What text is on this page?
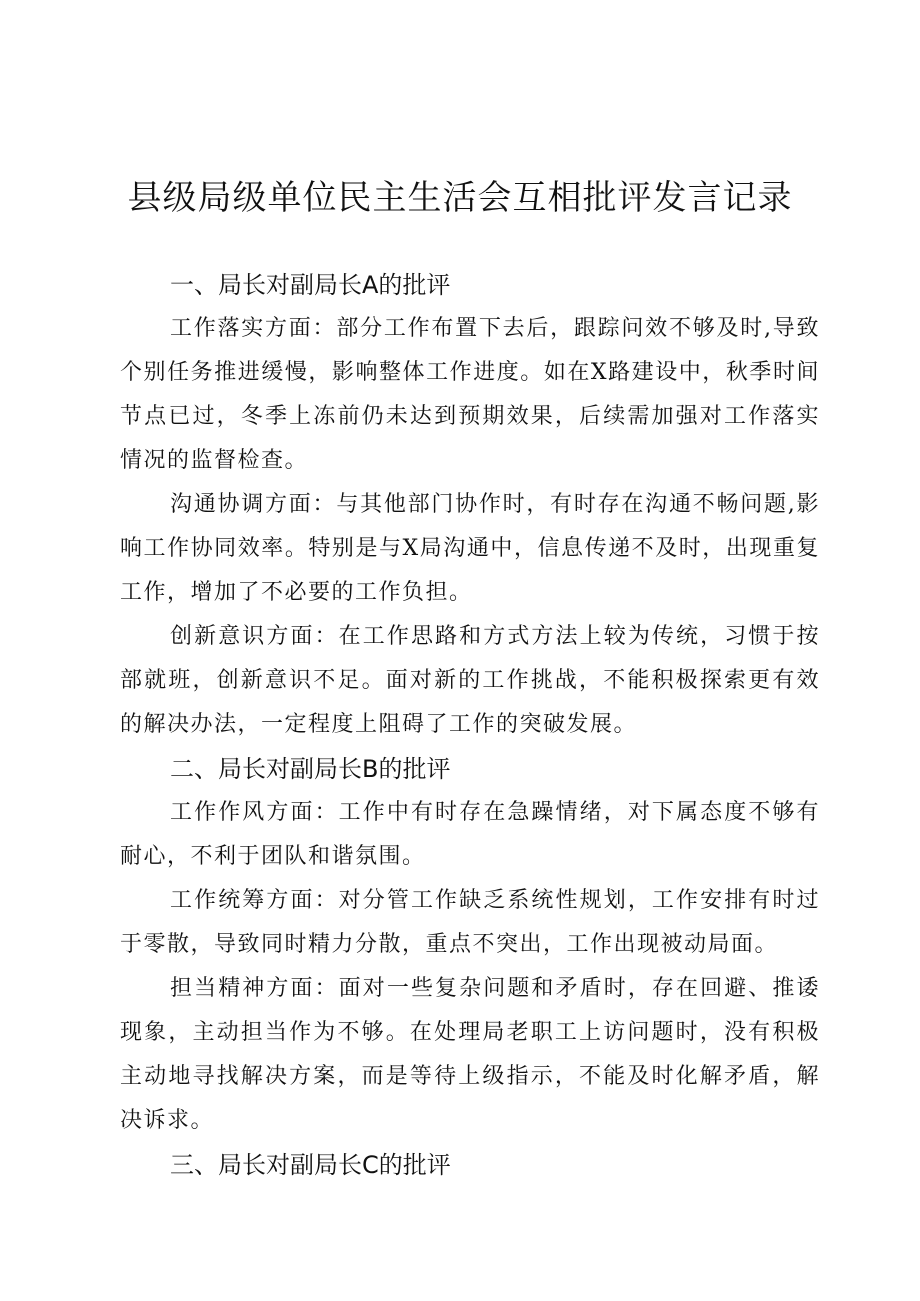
县级局级单位民主生活会互相批评发言记录
一、局长对副局长A的批评

工作落实方面：部分工作布置下去后，跟踪问效不够及时,导致个别任务推进缓慢，影响整体工作进度。如在X路建设中，秋季时间节点已过，冬季上冻前仍未达到预期效果，后续需加强对工作落实情况的监督检查。

沟通协调方面：与其他部门协作时，有时存在沟通不畅问题,影响工作协同效率。特别是与X局沟通中，信息传递不及时，出现重复工作，增加了不必要的工作负担。

创新意识方面：在工作思路和方式方法上较为传统，习惯于按部就班，创新意识不足。面对新的工作挑战，不能积极探索更有效的解决办法，一定程度上阻碍了工作的突破发展。

二、局长对副局长B的批评

工作作风方面：工作中有时存在急躁情绪，对下属态度不够有耐心，不利于团队和谐氛围。

工作统筹方面：对分管工作缺乏系统性规划，工作安排有时过于零散，导致同时精力分散，重点不突出，工作出现被动局面。

担当精神方面：面对一些复杂问题和矛盾时，存在回避、推诿现象，主动担当作为不够。在处理局老职工上访问题时，没有积极主动地寻找解决方案，而是等待上级指示，不能及时化解矛盾，解决诉求。

三、局长对副局长C的批评
